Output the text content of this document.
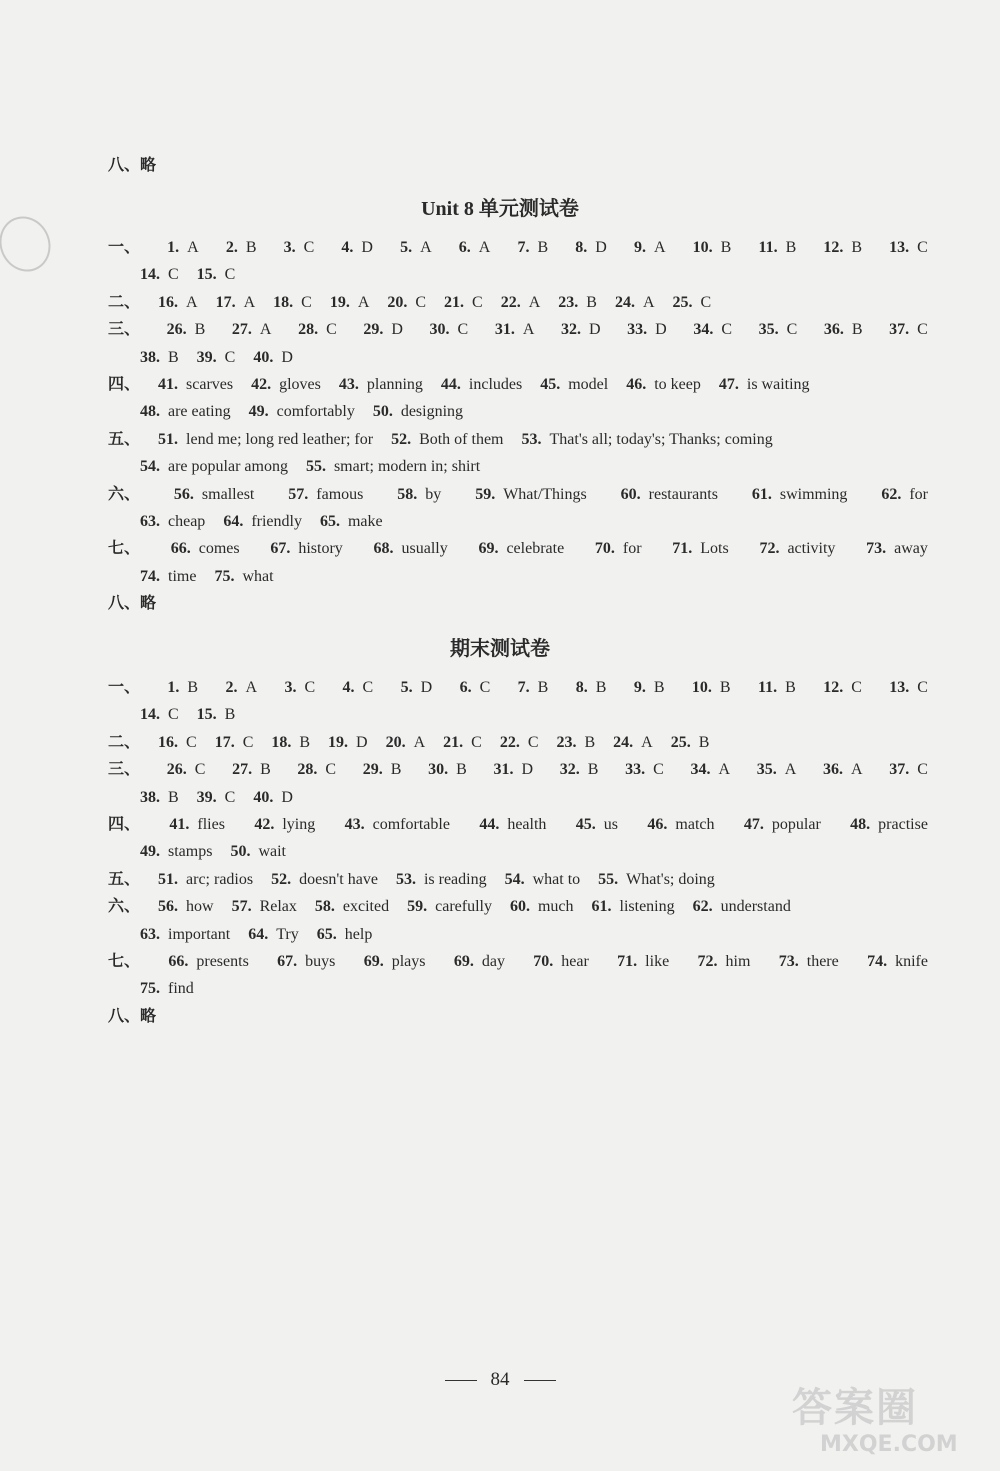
八、略
Unit 8 单元测试卷
一、 1. A 2. B 3. C 4. D 5. A 6. A 7. B 8. D 9. A 10. B 11. B 12. B 13. C
14. C 15. C
二、 16. A 17. A 18. C 19. A 20. C 21. C 22. A 23. B 24. A 25. C
三、 26. B 27. A 28. C 29. D 30. C 31. A 32. D 33. D 34. C 35. C 36. B 37. C
38. B 39. C 40. D
四、 41. scarves 42. gloves 43. planning 44. includes 45. model 46. to keep 47. is waiting
48. are eating 49. comfortably 50. designing
五、 51. lend me; long red leather; for 52. Both of them 53. That's all; today's; Thanks; coming
54. are popular among 55. smart; modern in; shirt
六、 56. smallest 57. famous 58. by 59. What/Things 60. restaurants 61. swimming 62. for
63. cheap 64. friendly 65. make
七、 66. comes 67. history 68. usually 69. celebrate 70. for 71. Lots 72. activity 73. away
74. time 75. what
八、略
期末测试卷
一、 1. B 2. A 3. C 4. C 5. D 6. C 7. B 8. B 9. B 10. B 11. B 12. C 13. C
14. C 15. B
二、 16. C 17. C 18. B 19. D 20. A 21. C 22. C 23. B 24. A 25. B
三、 26. C 27. B 28. C 29. B 30. B 31. D 32. B 33. C 34. A 35. A 36. A 37. C
38. B 39. C 40. D
四、 41. flies 42. lying 43. comfortable 44. health 45. us 46. match 47. popular 48. practise
49. stamps 50. wait
五、 51. arc; radios 52. doesn't have 53. is reading 54. what to 55. What's; doing
六、 56. how 57. Relax 58. excited 59. carefully 60. much 61. listening 62. understand
63. important 64. Try 65. help
七、 66. presents 67. buys 69. plays 69. day 70. hear 71. like 72. him 73. there 74. knife
75. find
八、略
84
答案圈
MXQE.COM
